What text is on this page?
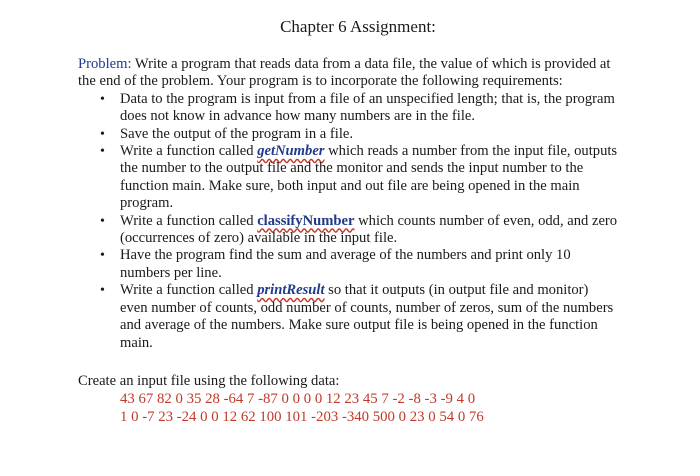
Chapter 6 Assignment:

Problem: Write a program that reads data from a data file, the value of which is provided at the end of the problem. Your program is to incorporate the following requirements:

• Data to the program is input from a file of an unspecified length; that is, the program does not know in advance how many numbers are in the file.
• Save the output of the program in a file.
• Write a function called getNumber which reads a number from the input file, outputs the number to the output file and the monitor and sends the input number to the function main. Make sure, both input and out file are being opened in the main program.
• Write a function called classifyNumber which counts number of even, odd, and zero (occurrences of zero) available in the input file.
• Have the program find the sum and average of the numbers and print only 10 numbers per line.
• Write a function called printResult so that it outputs (in output file and monitor) even number of counts, odd number of counts, number of zeros, sum of the numbers and average of the numbers. Make sure output file is being opened in the function main.

Create an input file using the following data:

43 67 82 0 35 28 -64 7 -87 0 0 0 0 12 23 45 7 -2 -8 -3 -9 4 0

1 0 -7 23 -24 0 0 12 62 100 101 -203 -340 500 0 23 0 54 0 76
